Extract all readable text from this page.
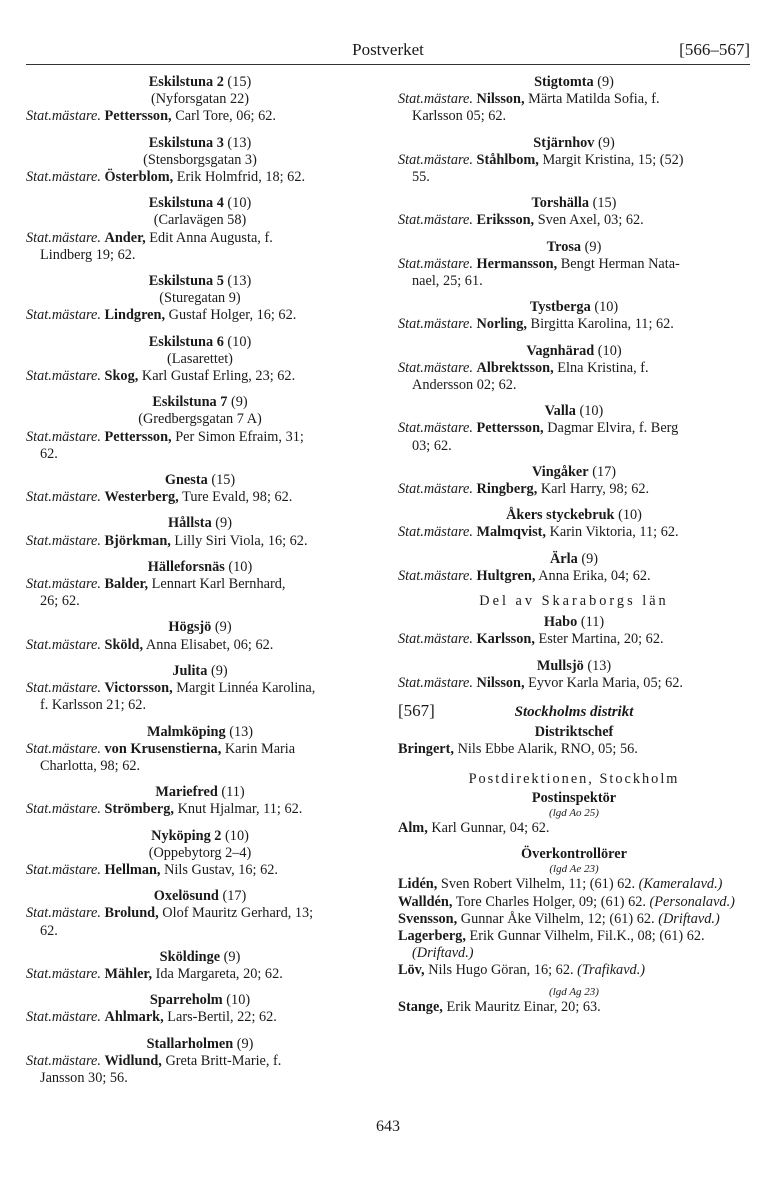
Postverket	[566–567]
Eskilstuna 2 (15)
(Nyforsgatan 22)
Stat.mästare. Pettersson, Carl Tore, 06; 62.
Eskilstuna 3 (13)
(Stensborgsgatan 3)
Stat.mästare. Österblom, Erik Holmfrid, 18; 62.
Eskilstuna 4 (10)
(Carlavägen 58)
Stat.mästare. Ander, Edit Anna Augusta, f.
Lindberg 19; 62.
Eskilstuna 5 (13)
(Sturegatan 9)
Stat.mästare. Lindgren, Gustaf Holger, 16; 62.
Eskilstuna 6 (10)
(Lasarettet)
Stat.mästare. Skog, Karl Gustaf Erling, 23; 62.
Eskilstuna 7 (9)
(Gredbergsgatan 7 A)
Stat.mästare. Pettersson, Per Simon Efraim, 31;
62.
Gnesta (15)
Stat.mästare. Westerberg, Ture Evald, 98; 62.
Hållsta (9)
Stat.mästare. Björkman, Lilly Siri Viola, 16; 62.
Hälleforsnäs (10)
Stat.mästare. Balder, Lennart Karl Bernhard,
26; 62.
Högsjö (9)
Stat.mästare. Sköld, Anna Elisabet, 06; 62.
Julita (9)
Stat.mästare. Victorsson, Margit Linnéa Karolina,
f. Karlsson 21; 62.
Malmköping (13)
Stat.mästare. von Krusenstierna, Karin Maria
Charlotta, 98; 62.
Mariefred (11)
Stat.mästare. Strömberg, Knut Hjalmar, 11; 62.
Nyköping 2 (10)
(Oppebytorg 2–4)
Stat.mästare. Hellman, Nils Gustav, 16; 62.
Oxelösund (17)
Stat.mästare. Brolund, Olof Mauritz Gerhard, 13;
62.
Sköldinge (9)
Stat.mästare. Mähler, Ida Margareta, 20; 62.
Sparreholm (10)
Stat.mästare. Ahlmark, Lars-Bertil, 22; 62.
Stallarholmen (9)
Stat.mästare. Widlund, Greta Britt-Marie, f.
Jansson 30; 56.
Stigtomta (9)
Stat.mästare. Nilsson, Märta Matilda Sofia, f.
Karlsson 05; 62.
Stjärnhov (9)
Stat.mästare. Ståhlbom, Margit Kristina, 15; (52)
55.
Torshälla (15)
Stat.mästare. Eriksson, Sven Axel, 03; 62.
Trosa (9)
Stat.mästare. Hermansson, Bengt Herman Nata-
nael, 25; 61.
Tystberga (10)
Stat.mästare. Norling, Birgitta Karolina, 11; 62.
Vagnhärad (10)
Stat.mästare. Albrektsson, Elna Kristina, f.
Andersson 02; 62.
Valla (10)
Stat.mästare. Pettersson, Dagmar Elvira, f. Berg
03; 62.
Vingåker (17)
Stat.mästare. Ringberg, Karl Harry, 98; 62.
Åkers styckebruk (10)
Stat.mästare. Malmqvist, Karin Viktoria, 11; 62.
Ärla (9)
Stat.mästare. Hultgren, Anna Erika, 04; 62.
Del av Skaraborgs län
Habo (11)
Stat.mästare. Karlsson, Ester Martina, 20; 62.
Mullsjö (13)
Stat.mästare. Nilsson, Eyvor Karla Maria, 05; 62.
[567]	Stockholms distrikt
Distriktschef
Bringert, Nils Ebbe Alarik, RNO, 05; 56.
Postdirektionen, Stockholm
Postinspektör
(lgd Ao 25)
Alm, Karl Gunnar, 04; 62.
Överkontrollörer
(lgd Ae 23)
Lidén, Sven Robert Vilhelm, 11; (61) 62. (Kameralavd.)
Walldén, Tore Charles Holger, 09; (61) 62. (Personalavd.)
Svensson, Gunnar Åke Vilhelm, 12; (61) 62. (Driftavd.)
Lagerberg, Erik Gunnar Vilhelm, Fil.K., 08; (61) 62. (Driftavd.)
Löv, Nils Hugo Göran, 16; 62. (Trafikavd.)
(lgd Ag 23)
Stange, Erik Mauritz Einar, 20; 63.
643
